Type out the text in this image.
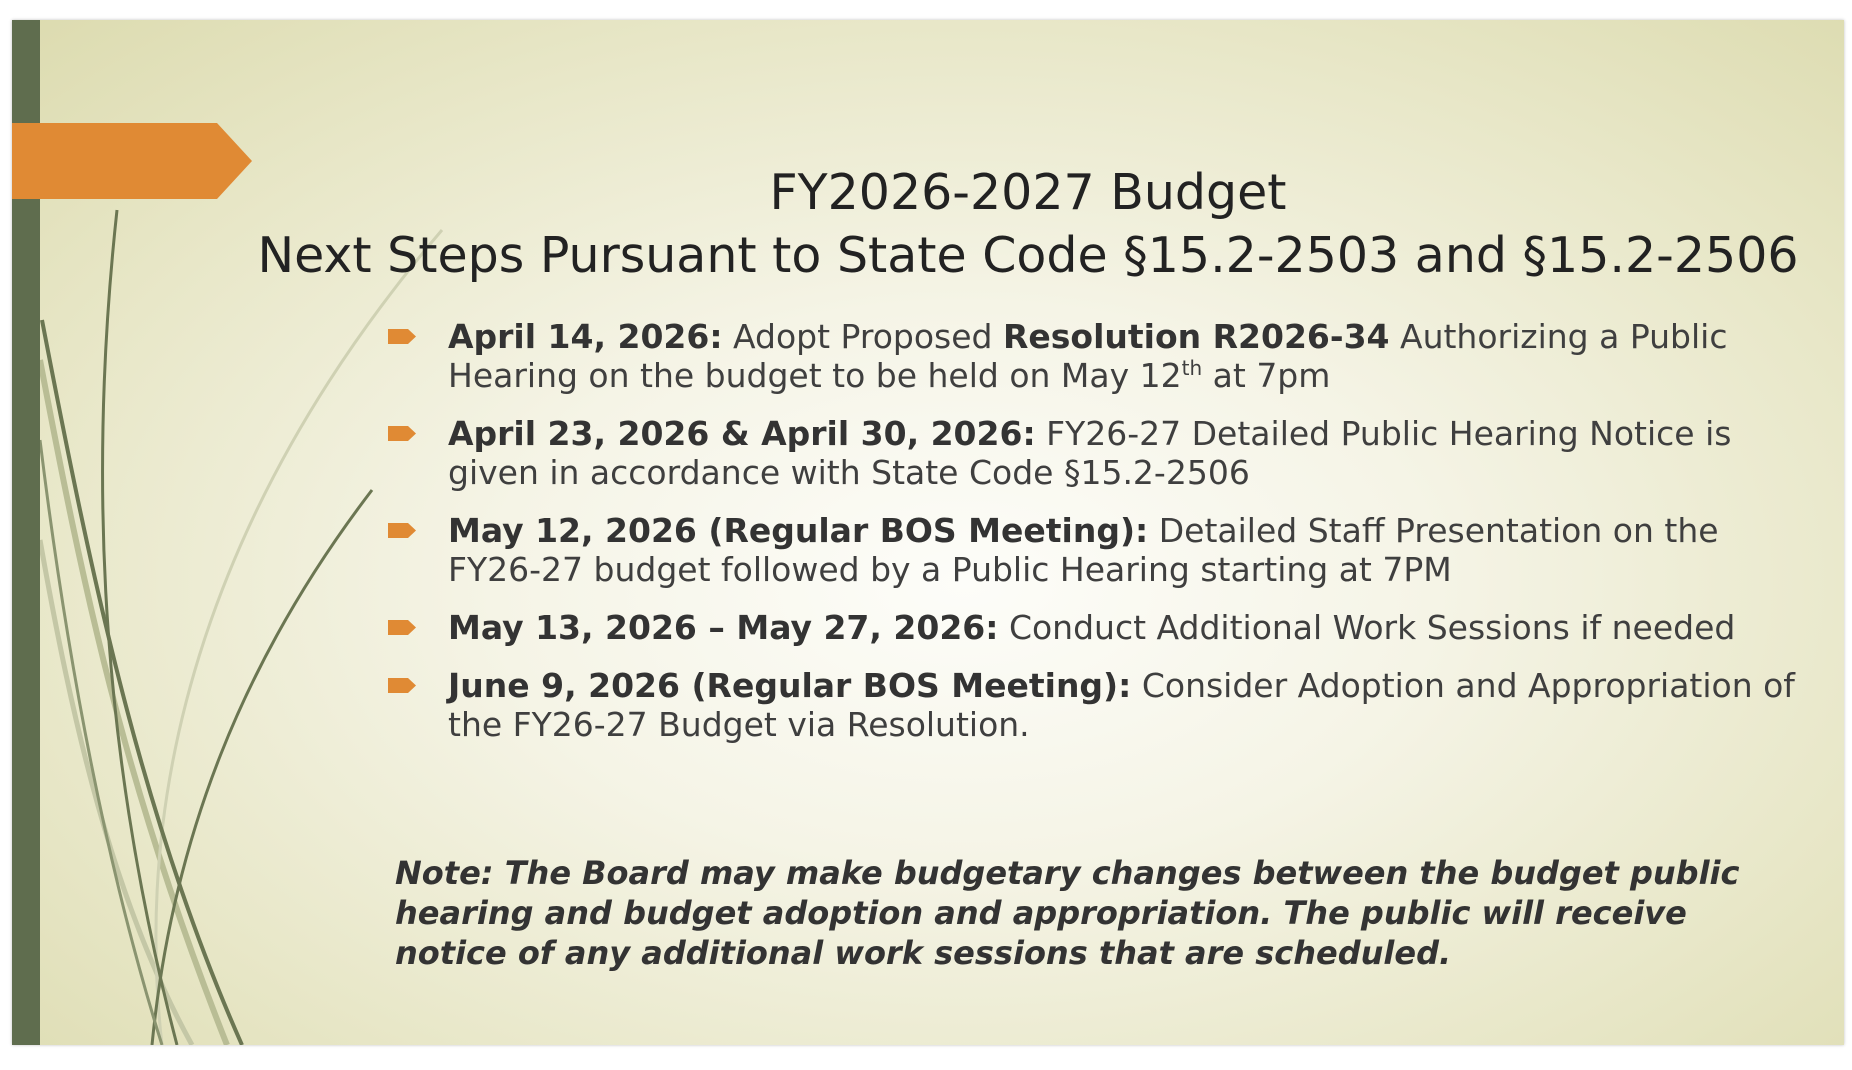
FY2026-2027 Budget
Next Steps Pursuant to State Code §15.2-2503 and §15.2-2506
April 14, 2026: Adopt Proposed Resolution R2026-34 Authorizing a Public Hearing on the budget to be held on May 12th at 7pm
April 23, 2026 & April 30, 2026: FY26-27 Detailed Public Hearing Notice is given in accordance with State Code §15.2-2506
May 12, 2026 (Regular BOS Meeting): Detailed Staff Presentation on the FY26-27 budget followed by a Public Hearing starting at 7PM
May 13, 2026 – May 27, 2026: Conduct Additional Work Sessions if needed
June 9, 2026 (Regular BOS Meeting): Consider Adoption and Appropriation of the FY26-27 Budget via Resolution.

Note: The Board may make budgetary changes between the budget public hearing and budget adoption and appropriation. The public will receive notice of any additional work sessions that are scheduled.
